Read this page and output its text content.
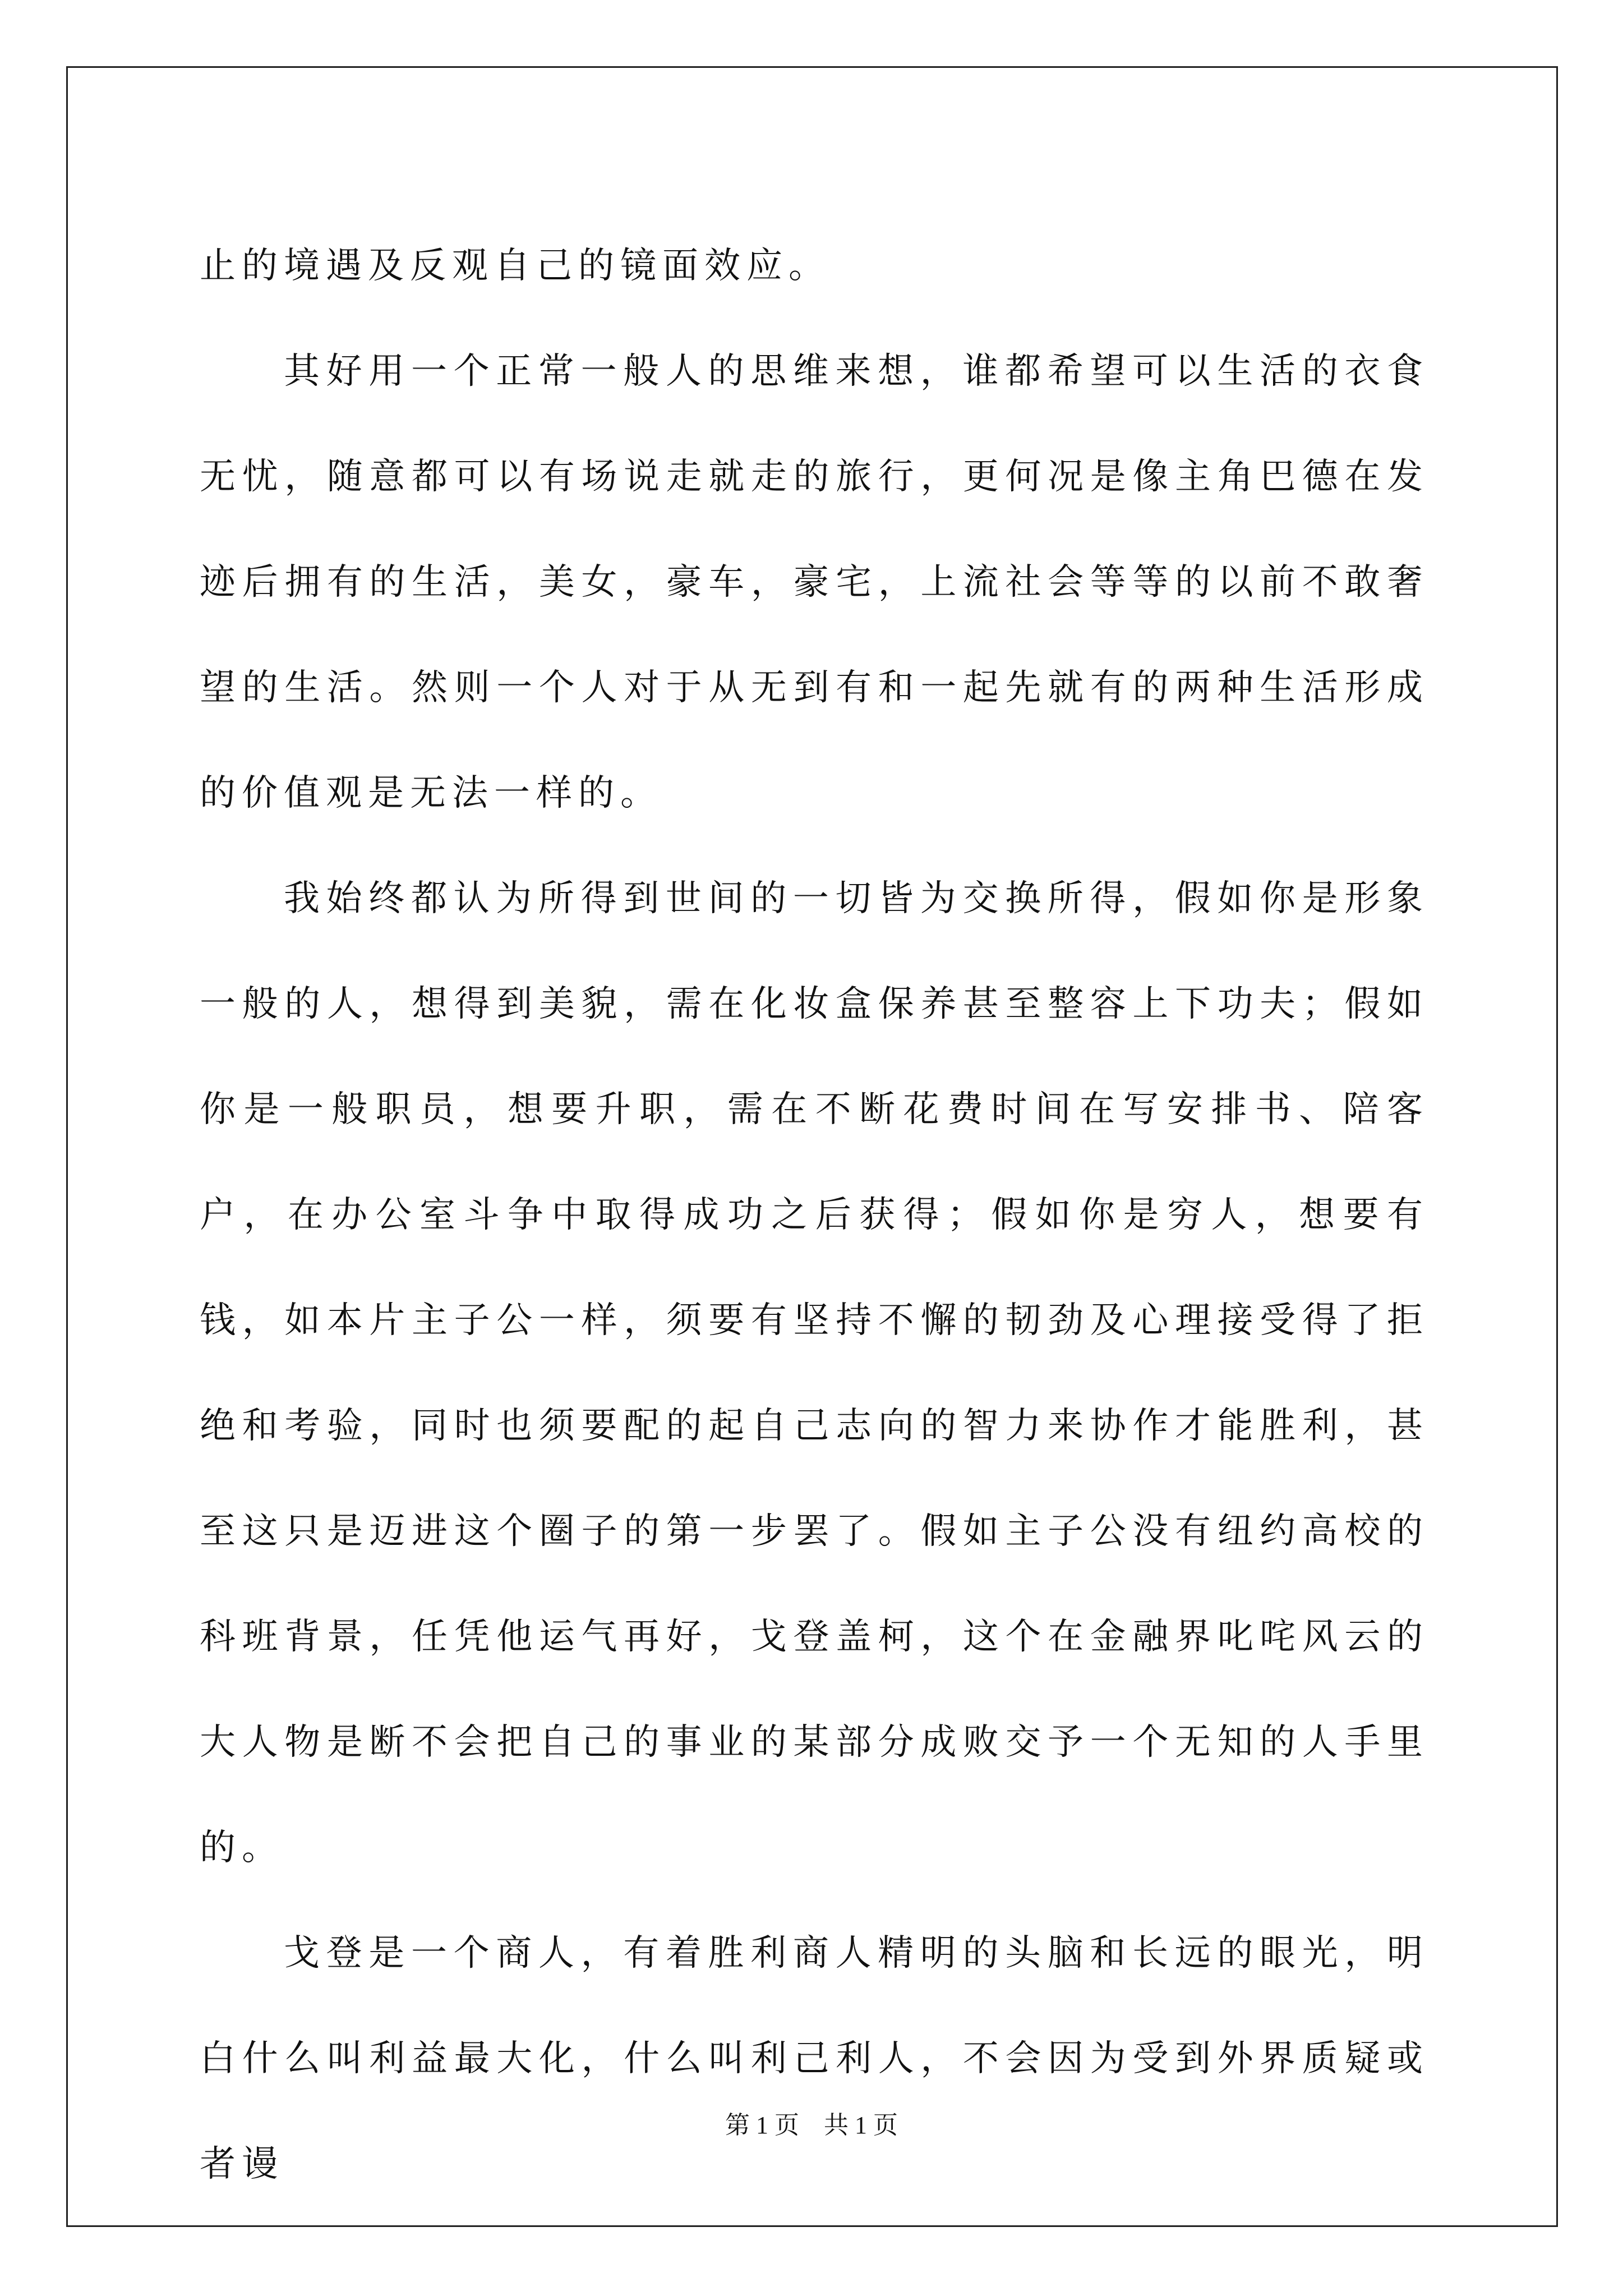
止的境遇及反观自己的镜面效应。

其好用一个正常一般人的思维来想，谁都希望可以生活的衣食无忧，随意都可以有场说走就走的旅行，更何况是像主角巴德在发迹后拥有的生活，美女，豪车，豪宅，上流社会等等的以前不敢奢望的生活。然则一个人对于从无到有和一起先就有的两种生活形成的价值观是无法一样的。

我始终都认为所得到世间的一切皆为交换所得，假如你是形象一般的人，想得到美貌，需在化妆盒保养甚至整容上下功夫；假如你是一般职员，想要升职，需在不断花费时间在写安排书、陪客户，在办公室斗争中取得成功之后获得；假如你是穷人，想要有钱，如本片主子公一样，须要有坚持不懈的韧劲及心理接受得了拒绝和考验，同时也须要配的起自己志向的智力来协作才能胜利，甚至这只是迈进这个圈子的第一步罢了。假如主子公没有纽约高校的科班背景，任凭他运气再好，戈登盖柯，这个在金融界叱咤风云的大人物是断不会把自己的事业的某部分成败交予一个无知的人手里的。

戈登是一个商人，有着胜利商人精明的头脑和长远的眼光，明白什么叫利益最大化，什么叫利己利人，不会因为受到外界质疑或者谩

第 1 页    共 1 页
